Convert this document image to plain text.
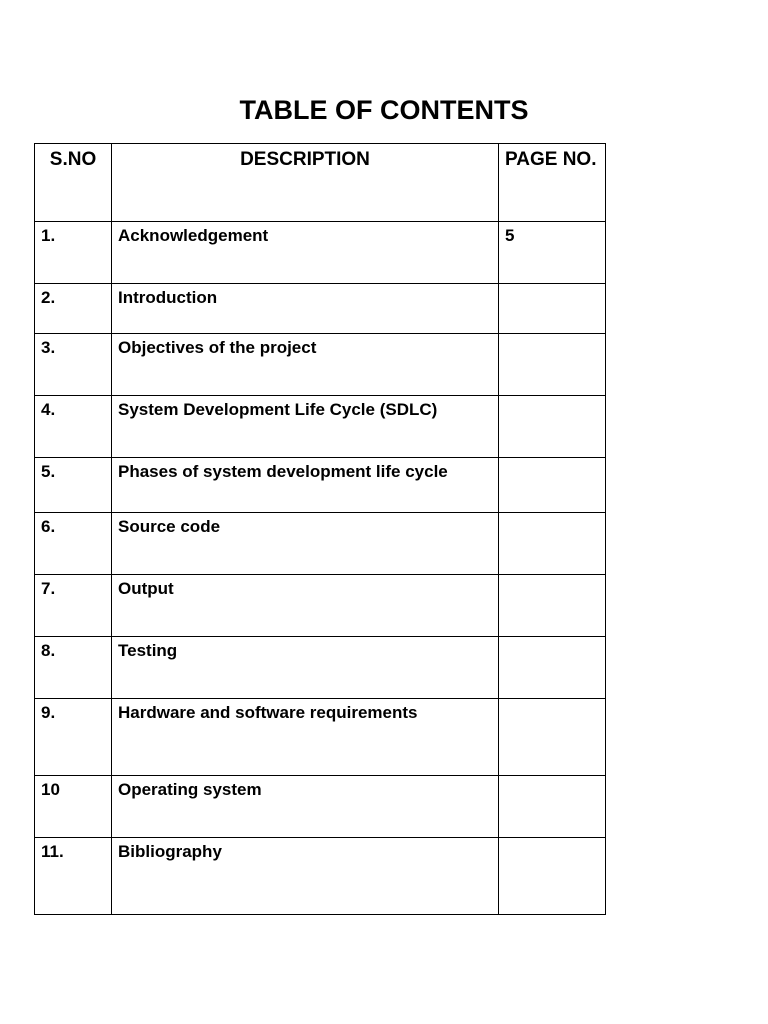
TABLE OF CONTENTS
S.NO	DESCRIPTION	PAGE NO.
1.	Acknowledgement	5
2.	Introduction	
3.	Objectives of the project	
4.	System Development Life Cycle (SDLC)	
5.	Phases of system development life cycle	
6.	Source code	
7.	Output	
8.	Testing	
9.	Hardware and software requirements	
10	Operating system	
11.	Bibliography	
